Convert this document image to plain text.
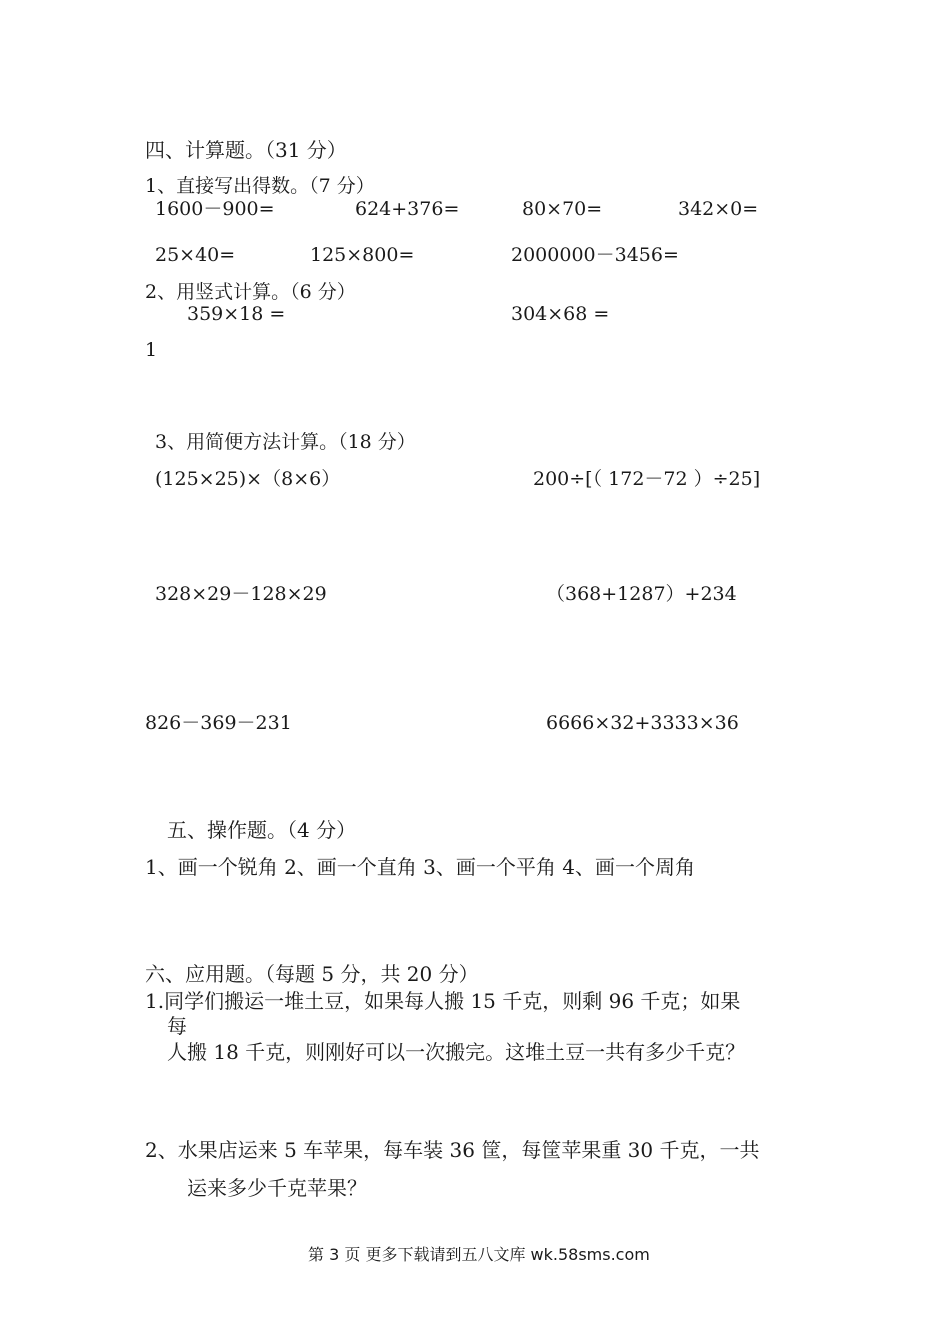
四、计算题。（31 分）
1、直接写出得数。（7 分）
1600－900=	624+376=	80×70=	342×0=
25×40=	125×800=	2000000－3456=
2、用竖式计算。（6 分）
359×18 =	304×68 =
1
3、用简便方法计算。（18 分）
(125×25)×（8×6）	200÷[（ 172－72 ）÷25]
328×29－128×29	（368+1287）+234
826－369－231	6666×32+3333×36
五、操作题。（4 分）
1、画一个锐角 2、画一个直角 3、画一个平角 4、画一个周角
六、应用题。（每题 5 分，共 20 分）
1.同学们搬运一堆土豆，如果每人搬 15 千克，则剩 96 千克；如果
每
人搬 18 千克，则刚好可以一次搬完。这堆土豆一共有多少千克？
2、水果店运来 5 车苹果，每车装 36 筐，每筐苹果重 30 千克，一共
运来多少千克苹果？
第 3 页 更多下载请到五八文库 wk.58sms.com
